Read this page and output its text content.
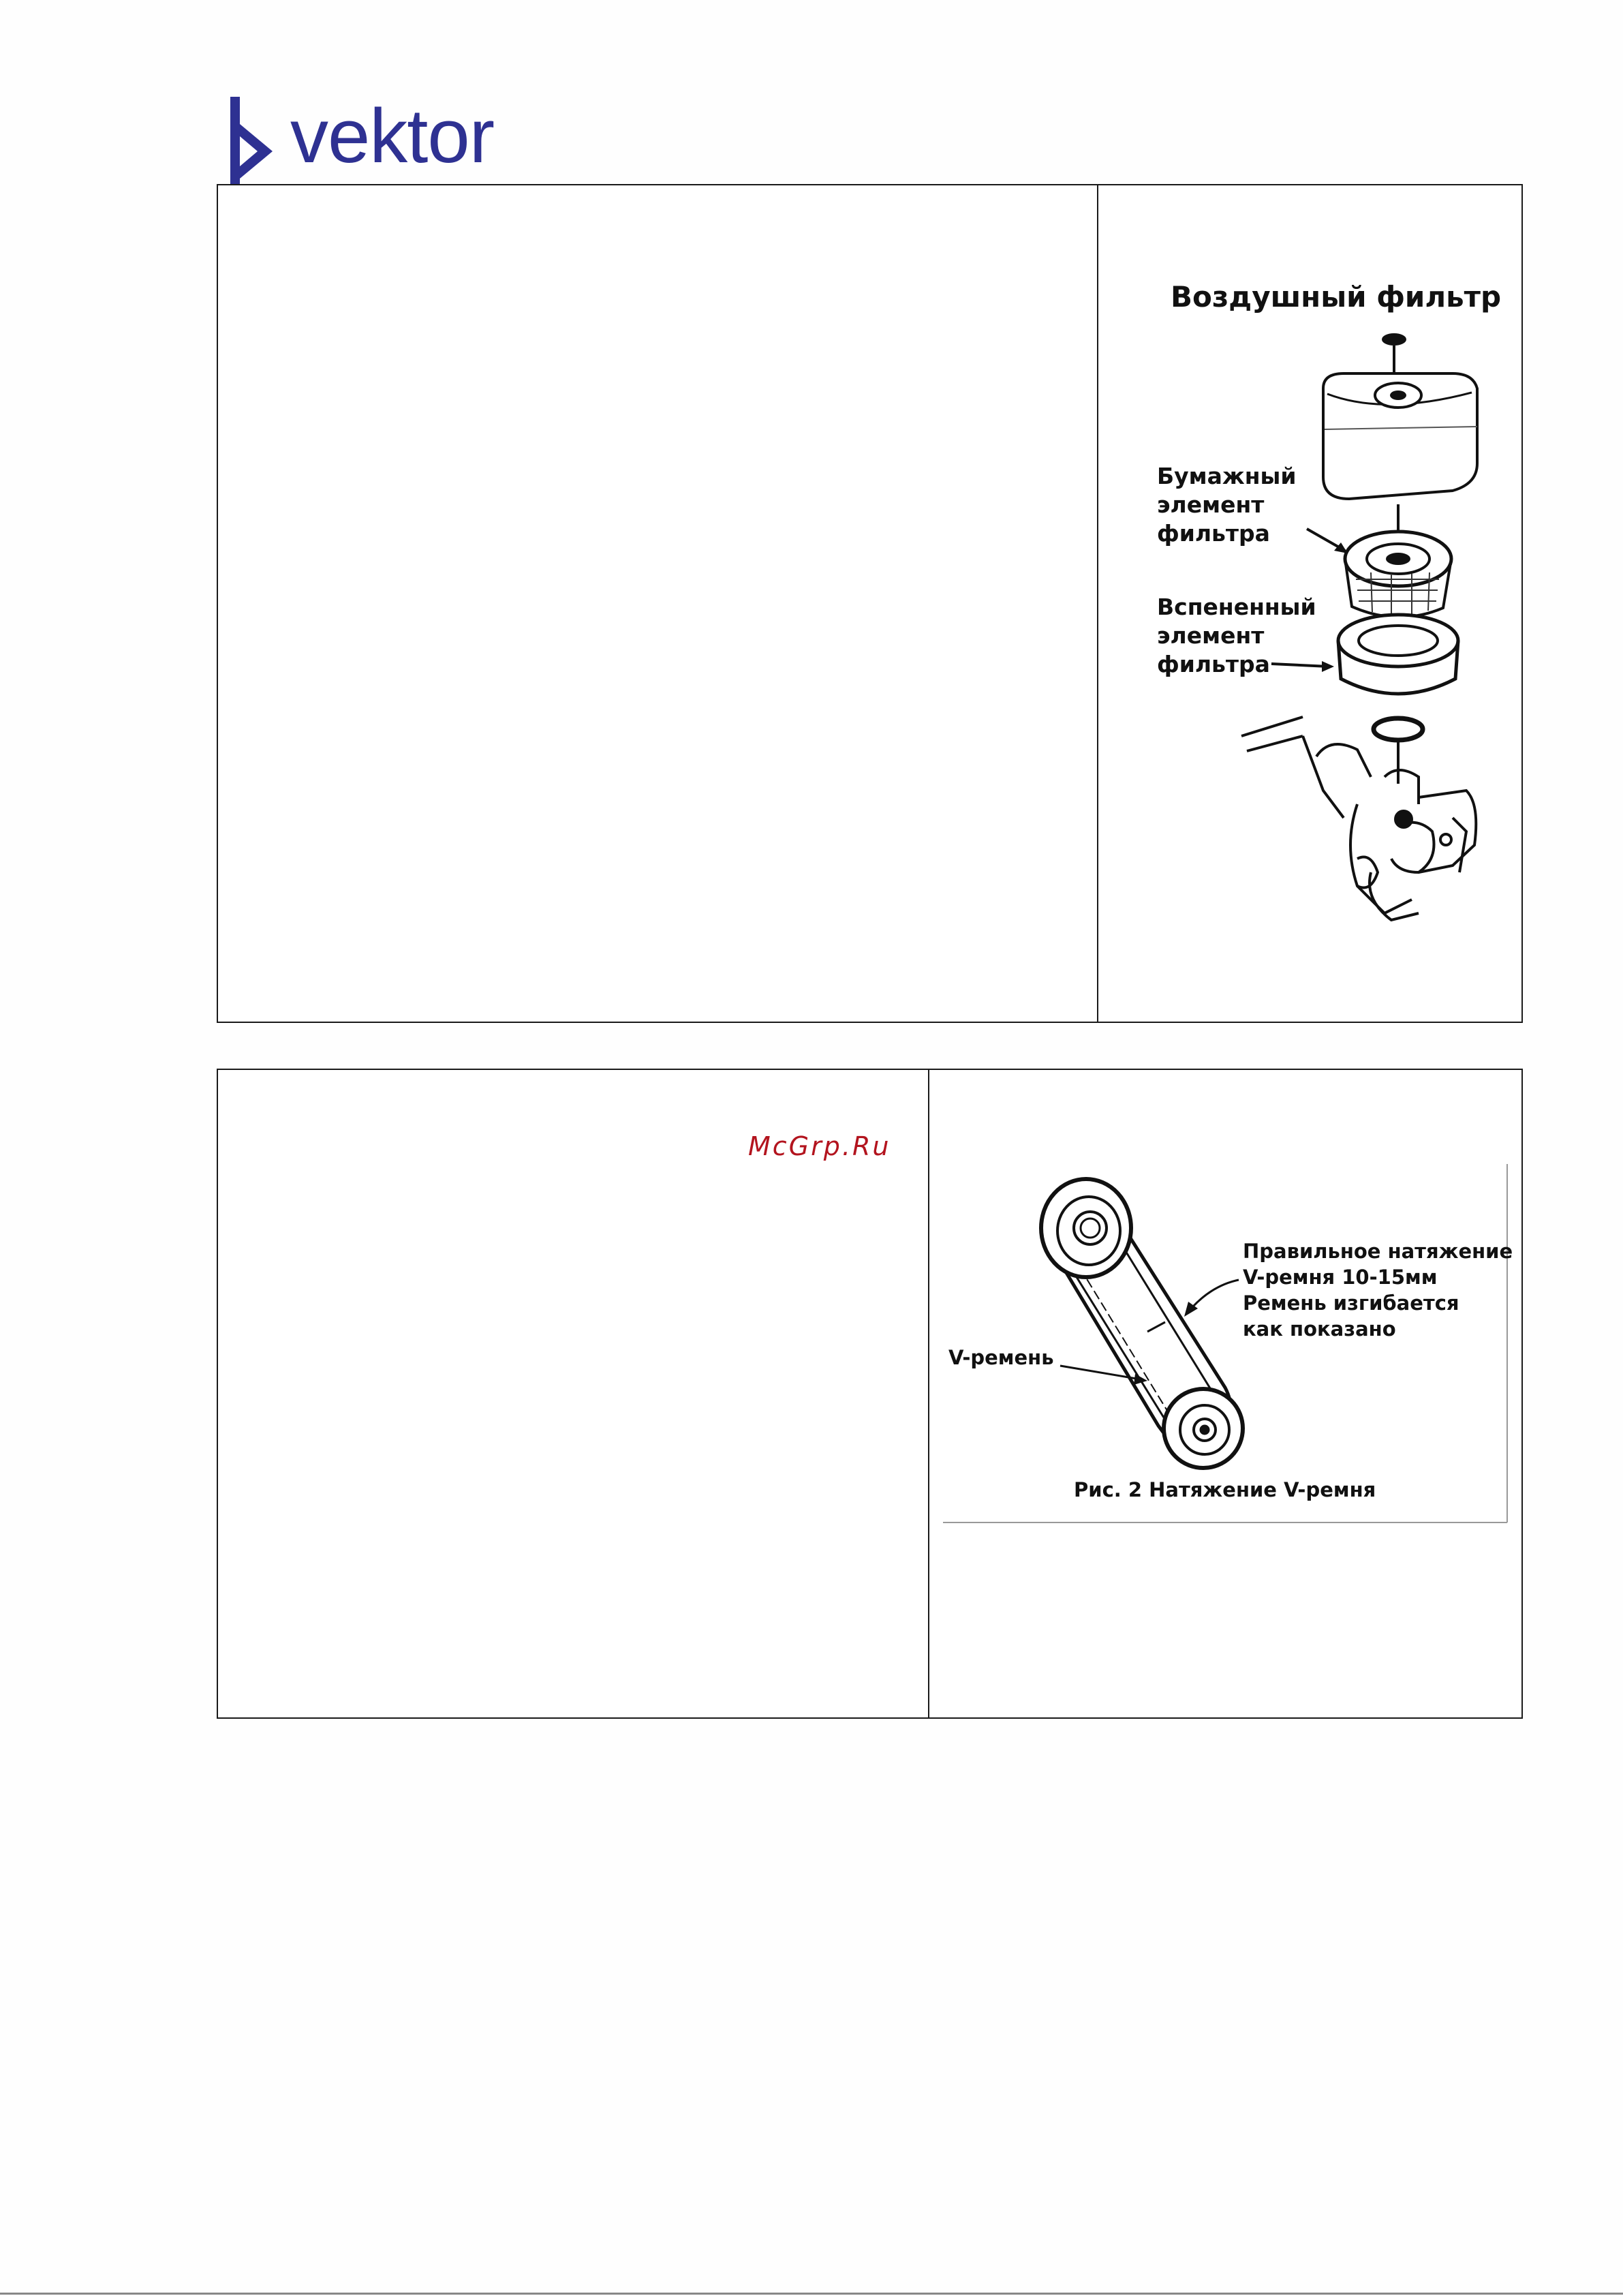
vektor
Воздушный фильтр
Бумажный
элемент
фильтра
Вспененный
элемент
фильтра
McGrp.Ru
Правильное натяжение
V-ремня 10-15мм
Ремень изгибается
как показано
V-ремень
Рис. 2 Натяжение V-ремня
